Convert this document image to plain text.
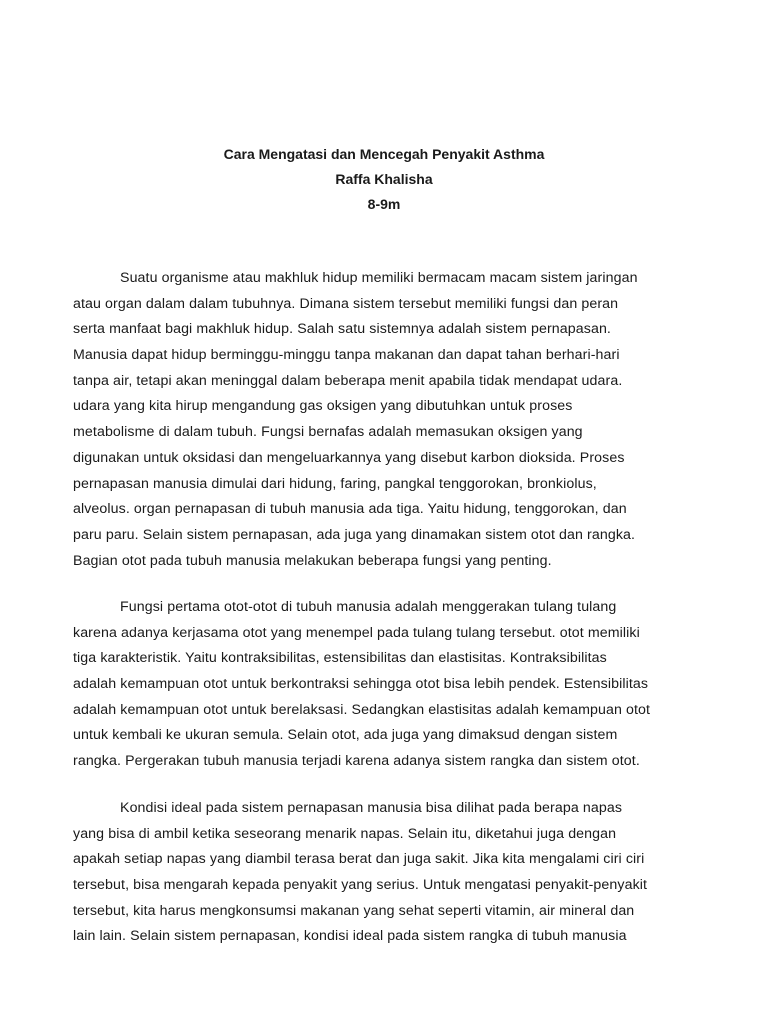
Cara Mengatasi dan Mencegah Penyakit Asthma

Raffa Khalisha

8-9m

Suatu organisme atau makhluk hidup memiliki bermacam macam sistem jaringan
atau organ dalam dalam tubuhnya. Dimana sistem tersebut memiliki fungsi dan peran
serta manfaat bagi makhluk hidup. Salah satu sistemnya adalah sistem pernapasan.
Manusia dapat hidup berminggu-minggu tanpa makanan dan dapat tahan berhari-hari
tanpa air, tetapi akan meninggal dalam beberapa menit apabila tidak mendapat udara.
udara yang kita hirup mengandung gas oksigen yang dibutuhkan untuk proses
metabolisme di dalam tubuh. Fungsi bernafas adalah memasukan oksigen yang
digunakan untuk oksidasi dan mengeluarkannya yang disebut karbon dioksida. Proses
pernapasan manusia dimulai dari hidung, faring, pangkal tenggorokan, bronkiolus,
alveolus. organ pernapasan di tubuh manusia ada tiga. Yaitu hidung, tenggorokan, dan
paru paru. Selain sistem pernapasan, ada juga yang dinamakan sistem otot dan rangka.
Bagian otot pada tubuh manusia melakukan beberapa fungsi yang penting.

Fungsi pertama otot-otot di tubuh manusia adalah menggerakan tulang tulang
karena adanya kerjasama otot yang menempel pada tulang tulang tersebut. otot memiliki
tiga karakteristik. Yaitu kontraksibilitas, estensibilitas dan elastisitas. Kontraksibilitas
adalah kemampuan otot untuk berkontraksi sehingga otot bisa lebih pendek. Estensibilitas
adalah kemampuan otot untuk berelaksasi. Sedangkan elastisitas adalah kemampuan otot
untuk kembali ke ukuran semula. Selain otot, ada juga yang dimaksud dengan sistem
rangka. Pergerakan tubuh manusia terjadi karena adanya sistem rangka dan sistem otot.

Kondisi ideal pada sistem pernapasan manusia bisa dilihat pada berapa napas
yang bisa di ambil ketika seseorang menarik napas. Selain itu, diketahui juga dengan
apakah setiap napas yang diambil terasa berat dan juga sakit. Jika kita mengalami ciri ciri
tersebut, bisa mengarah kepada penyakit yang serius. Untuk mengatasi penyakit-penyakit
tersebut, kita harus mengkonsumsi makanan yang sehat seperti vitamin, air mineral dan
lain lain. Selain sistem pernapasan, kondisi ideal pada sistem rangka di tubuh manusia
